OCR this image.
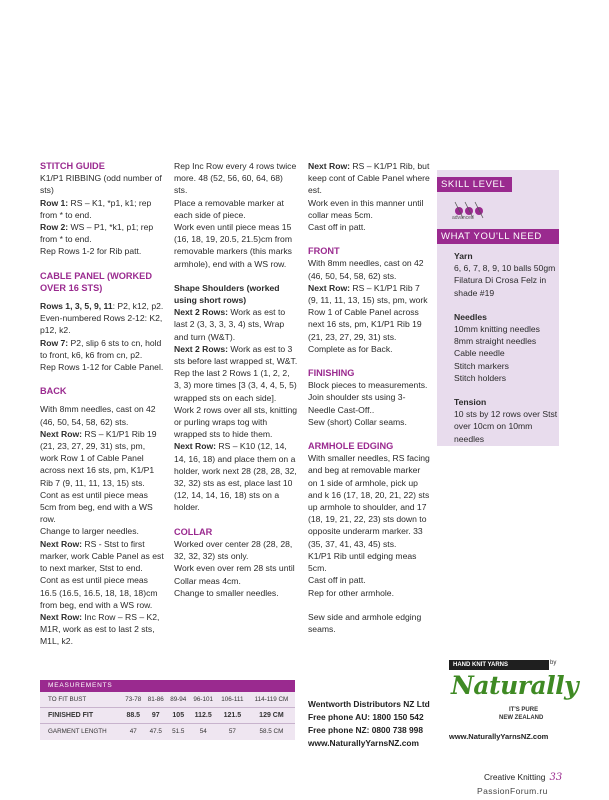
STITCH GUIDE

K1/P1 RIBBING (odd number of sts)

Row 1: RS – K1, *p1, k1; rep from * to end.

Row 2: WS – P1, *k1, p1; rep from * to end.

Rep Rows 1-2 for Rib patt.

CABLE PANEL (WORKED OVER 16 STS)

Rows 1, 3, 5, 9, 11: P2, k12, p2.

Even-numbered Rows 2-12: K2, p12, k2.

Row 7: P2, slip 6 sts to cn, hold to front, k6, k6 from cn, p2.

Rep Rows 1-12 for Cable Panel.

BACK

With 8mm needles, cast on 42 (46, 50, 54, 58, 62) sts.

Next Row: RS – K1/P1 Rib 19 (21, 23, 27, 29, 31) sts, pm, work Row 1 of Cable Panel across next 16 sts, pm, K1/P1 Rib 7 (9, 11, 11, 13, 15) sts.

Cont as est until piece meas 5cm from beg, end with a WS row.

Change to larger needles.

Next Row: RS - Stst to first marker, work Cable Panel as est to next marker, Stst to end.

Cont as est until piece meas 16.5 (16.5, 16.5, 18, 18, 18)cm from beg, end with a WS row.

Next Row: Inc Row – RS – K2, M1R, work as est to last 2 sts, M1L, k2.

Rep Inc Row every 4 rows twice more. 48 (52, 56, 60, 64, 68) sts.

Place a removable marker at each side of piece.

Work even until piece meas 15 (16, 18, 19, 20.5, 21.5)cm from removable markers (this marks armhole), end with a WS row.

Shape Shoulders (worked using short rows)

Next 2 Rows: Work as est to last 2 (3, 3, 3, 3, 4) sts, Wrap and turn (W&T).

Next 2 Rows: Work as est to 3 sts before last wrapped st, W&T.

Rep the last 2 Rows 1 (1, 2, 2, 3, 3) more times [3 (3, 4, 4, 5, 5) wrapped sts on each side].

Work 2 rows over all sts, knitting or purling wraps tog with wrapped sts to hide them.

Next Row: RS – K10 (12, 14, 14, 16, 18) and place them on a holder, work next 28 (28, 28, 32, 32, 32) sts as est, place last 10 (12, 14, 14, 16, 18) sts on a holder.

COLLAR

Worked over center 28 (28, 28, 32, 32, 32) sts only.

Work even over rem 28 sts until Collar meas 4cm.

Change to smaller needles.

Next Row: RS – K1/P1 Rib, but keep cont of Cable Panel where est.

Work even in this manner until collar meas 5cm.

Cast off in patt.

FRONT

With 8mm needles, cast on 42 (46, 50, 54, 58, 62) sts.

Next Row: RS – K1/P1 Rib 7 (9, 11, 11, 13, 15) sts, pm, work Row 1 of Cable Panel across next 16 sts, pm, K1/P1 Rib 19 (21, 23, 27, 29, 31) sts. Complete as for Back.

FINISHING

Block pieces to measurements. Join shoulder sts using 3-Needle Cast-Off..

Sew (short) Collar seams.

ARMHOLE EDGING

With smaller needles, RS facing and beg at removable marker on 1 side of armhole, pick up and k 16 (17, 18, 20, 21, 22) sts up armhole to shoulder, and 17 (18, 19, 21, 22, 23) sts down to opposite underarm marker. 33 (35, 37, 41, 43, 45) sts.

K1/P1 Rib until edging meas 5cm.

Cast off in patt.

Rep for other armhole.

Sew side and armhole edging seams.

advanced
SKILL LEVEL
WHAT YOU'LL NEED

Yarn

6, 6, 7, 8, 9, 10 balls 50gm Filatura Di Crosa Felz in shade #19

Needles

10mm knitting needles

8mm straight needles

Cable needle

Stitch markers

Stitch holders

Tension

10 sts by 12 rows over Stst over 10cm on 10mm needles

MEASUREMENTS
TO FIT BUST	73-78	81-86	89-94	96-101	106-111	114-119 CM
FINISHED FIT	88.5	97	105	112.5	121.5	129 CM
GARMENT LENGTH	47	47.5	51.5	54	57	58.5 CM

Wentworth Distributors NZ Ltd

Free phone AU: 1800 150 542

Free phone NZ: 0800 738 998

www.NaturallyYarnsNZ.com

HAND KNIT YARNS	by
Naturally
IT'S PURE
NEW ZEALAND
www.NaturallyYarnsNZ.com
Creative Knitting 33
PassionForum.ru
